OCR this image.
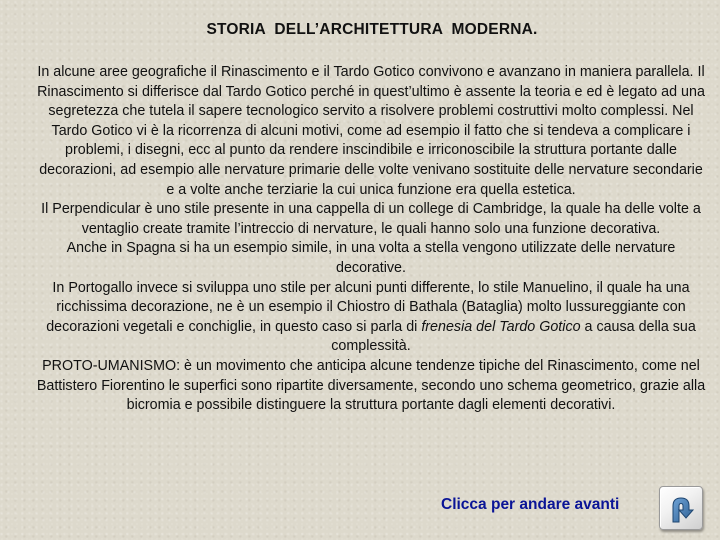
STORIA  DELL’ARCHITETTURA  MODERNA.

In alcune aree geografiche il Rinascimento e il Tardo Gotico convivono e avanzano in maniera parallela. Il Rinascimento si differisce dal Tardo Gotico perché in quest’ultimo è assente la teoria e ed è legato ad una segretezza che tutela il sapere tecnologico servito a risolvere problemi costruttivi molto complessi. Nel Tardo Gotico vi è la ricorrenza di alcuni motivi, come ad esempio il fatto che si tendeva a complicare i problemi, i disegni, ecc al punto da rendere inscindibile e irriconoscibile la struttura portante dalle decorazioni, ad esempio alle nervature primarie delle volte venivano sostituite delle nervature secondarie e a volte anche terziarie la cui unica funzione era quella estetica.

Il Perpendicular è uno stile presente in una cappella di un college di Cambridge, la quale ha delle volte a ventaglio create tramite l’intreccio di nervature, le quali hanno solo una funzione decorativa.

Anche in Spagna si ha un esempio simile, in una volta a stella vengono utilizzate delle nervature decorative.

In Portogallo invece si sviluppa uno stile per alcuni punti differente, lo stile Manuelino, il quale ha una ricchissima decorazione, ne è un esempio il Chiostro di Bathala (Bataglia) molto lussureggiante con decorazioni vegetali e conchiglie, in questo caso si parla di frenesia del Tardo Gotico a causa della sua complessità.

PROTO-UMANISMO: è un movimento che anticipa alcune tendenze tipiche del Rinascimento, come nel Battistero Fiorentino le superfici sono ripartite diversamente, secondo uno schema geometrico, grazie alla bicromia e possibile distinguere la struttura portante dagli elementi decorativi.

Clicca per andare avanti
